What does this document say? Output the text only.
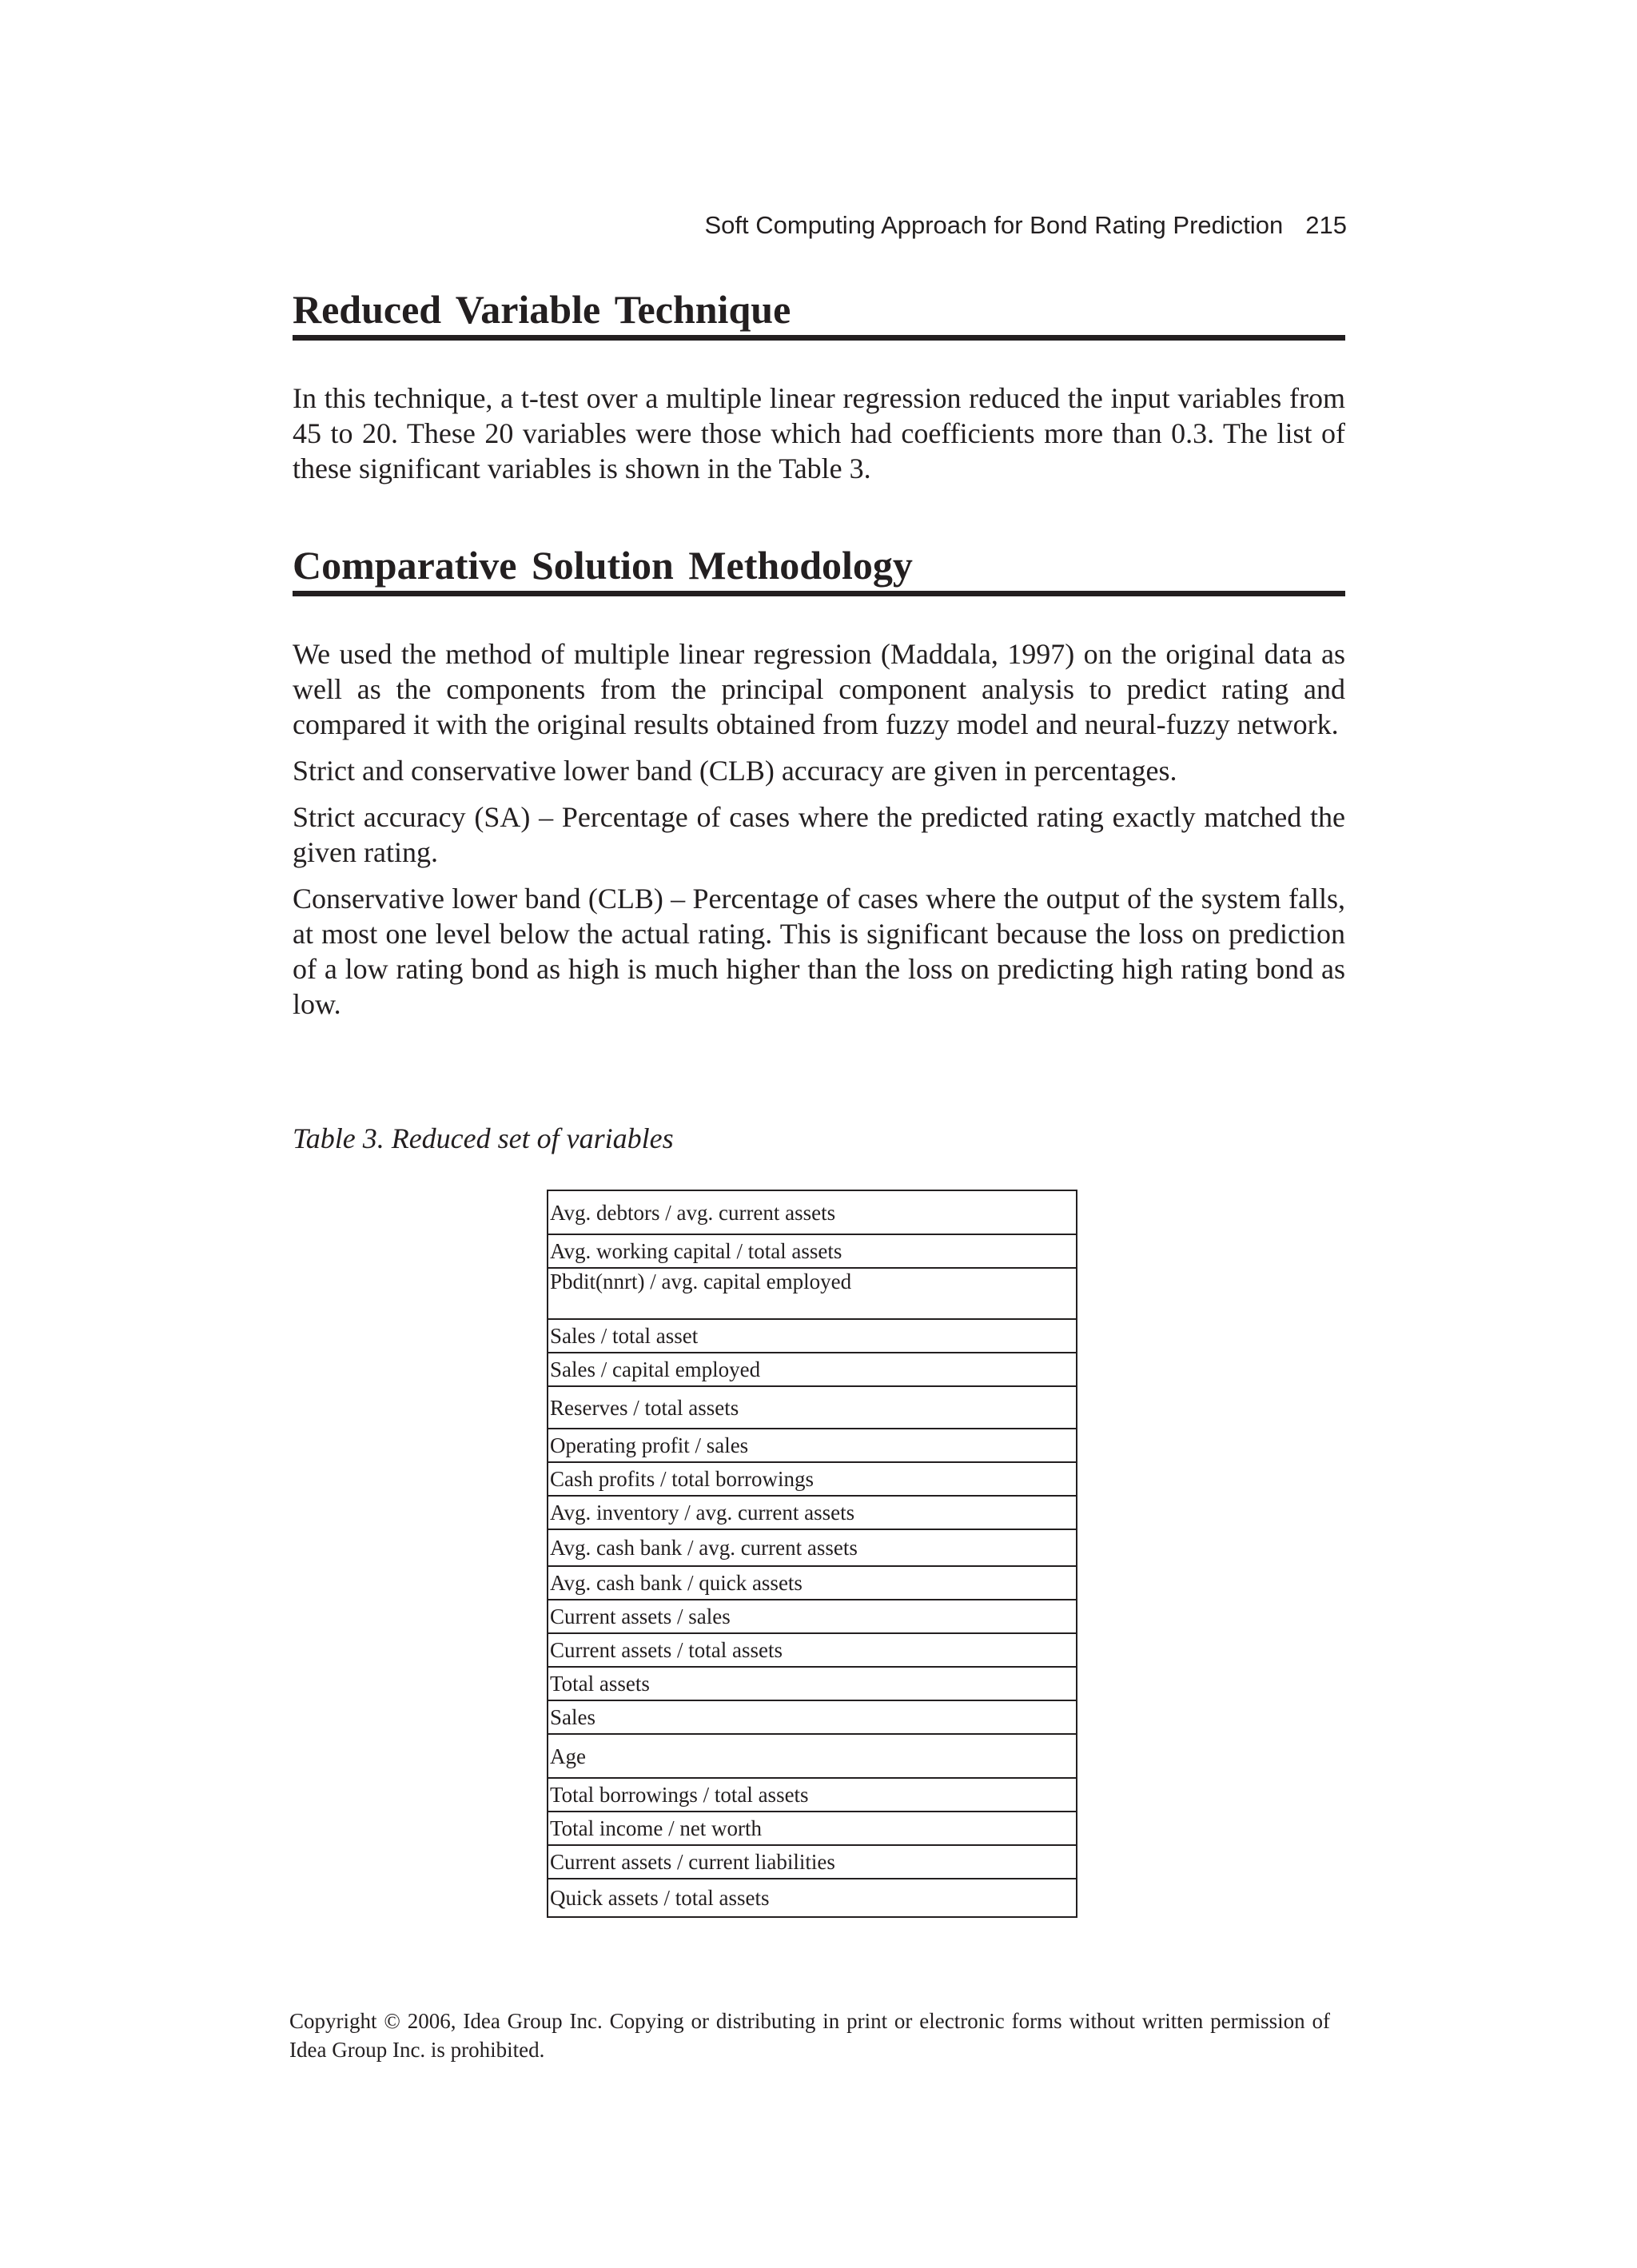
Soft Computing Approach for Bond Rating Prediction 215
Reduced Variable Technique

In this technique, a t-test over a multiple linear regression reduced the input variables from 45 to 20. These 20 variables were those which had coefficients more than 0.3. The list of these significant variables is shown in the Table 3.

Comparative Solution Methodology

We used the method of multiple linear regression (Maddala, 1997) on the original data as well as the components from the principal component analysis to predict rating and compared it with the original results obtained from fuzzy model and neural-fuzzy network.

Strict and conservative lower band (CLB) accuracy are given in percentages.

Strict accuracy (SA) – Percentage of cases where the predicted rating exactly matched the given rating.

Conservative lower band (CLB) – Percentage of cases where the output of the system falls, at most one level below the actual rating. This is significant because the loss on prediction of a low rating bond as high is much higher than the loss on predicting high rating bond as low.

Table 3. Reduced set of variables

Avg. debtors / avg. current assets
Avg. working capital / total assets
Pbdit(nnrt) / avg. capital employed
Sales / total asset
Sales / capital employed
Reserves / total assets
Operating profit / sales
Cash profits / total borrowings
Avg. inventory / avg. current assets
Avg. cash bank / avg. current assets
Avg. cash bank / quick assets
Current assets / sales
Current assets / total assets
Total assets
Sales
Age
Total borrowings / total assets
Total income / net worth
Current assets / current liabilities
Quick assets / total assets

Copyright © 2006, Idea Group Inc. Copying or distributing in print or electronic forms without written permission of Idea Group Inc. is prohibited.
